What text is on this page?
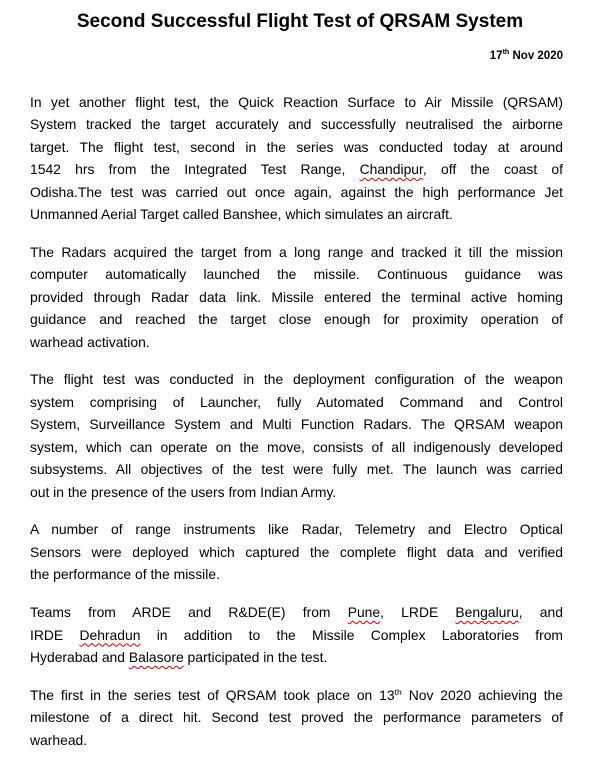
Second Successful Flight Test of QRSAM System
17th Nov 2020

In yet another flight test, the Quick Reaction Surface to Air Missile (QRSAM)
System tracked the target accurately and successfully neutralised the airborne
target. The flight test, second in the series was conducted today at around
1542 hrs from the Integrated Test Range, Chandipur, off the coast of
Odisha.The test was carried out once again, against the high performance Jet
Unmanned Aerial Target called Banshee, which simulates an aircraft.

The Radars acquired the target from a long range and tracked it till the mission
computer automatically launched the missile. Continuous guidance was
provided through Radar data link. Missile entered the terminal active homing
guidance and reached the target close enough for proximity operation of
warhead activation.

The flight test was conducted in the deployment configuration of the weapon
system comprising of Launcher, fully Automated Command and Control
System, Surveillance System and Multi Function Radars. The QRSAM weapon
system, which can operate on the move, consists of all indigenously developed
subsystems. All objectives of the test were fully met. The launch was carried
out in the presence of the users from Indian Army.

A number of range instruments like Radar, Telemetry and Electro Optical
Sensors were deployed which captured the complete flight data and verified
the performance of the missile.

Teams from ARDE and R&DE(E) from Pune, LRDE Bengaluru, and
IRDE Dehradun in addition to the Missile Complex Laboratories from
Hyderabad and Balasore participated in the test.

The first in the series test of QRSAM took place on 13th Nov 2020 achieving the
milestone of a direct hit. Second test proved the performance parameters of
warhead.
